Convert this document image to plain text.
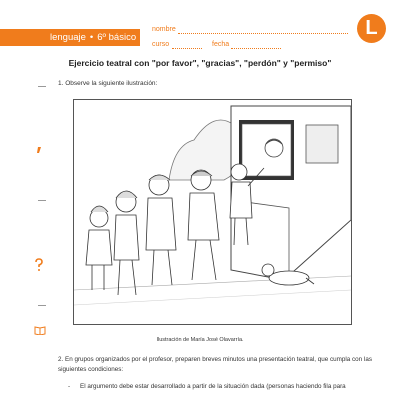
lenguaje • 6º básico
nombre
curso	fecha
L
Ejercicio teatral con "por favor", "gracias", "perdón" y "permiso"
1. Observe la siguiente ilustración:
Ilustración de María José Olavarría.
2. En grupos organizados por el profesor, preparen breves minutos una presentación teatral, que cumpla con las siguientes condiciones:
- El argumento debe estar desarrollado a partir de la situación dada (personas haciendo fila para
